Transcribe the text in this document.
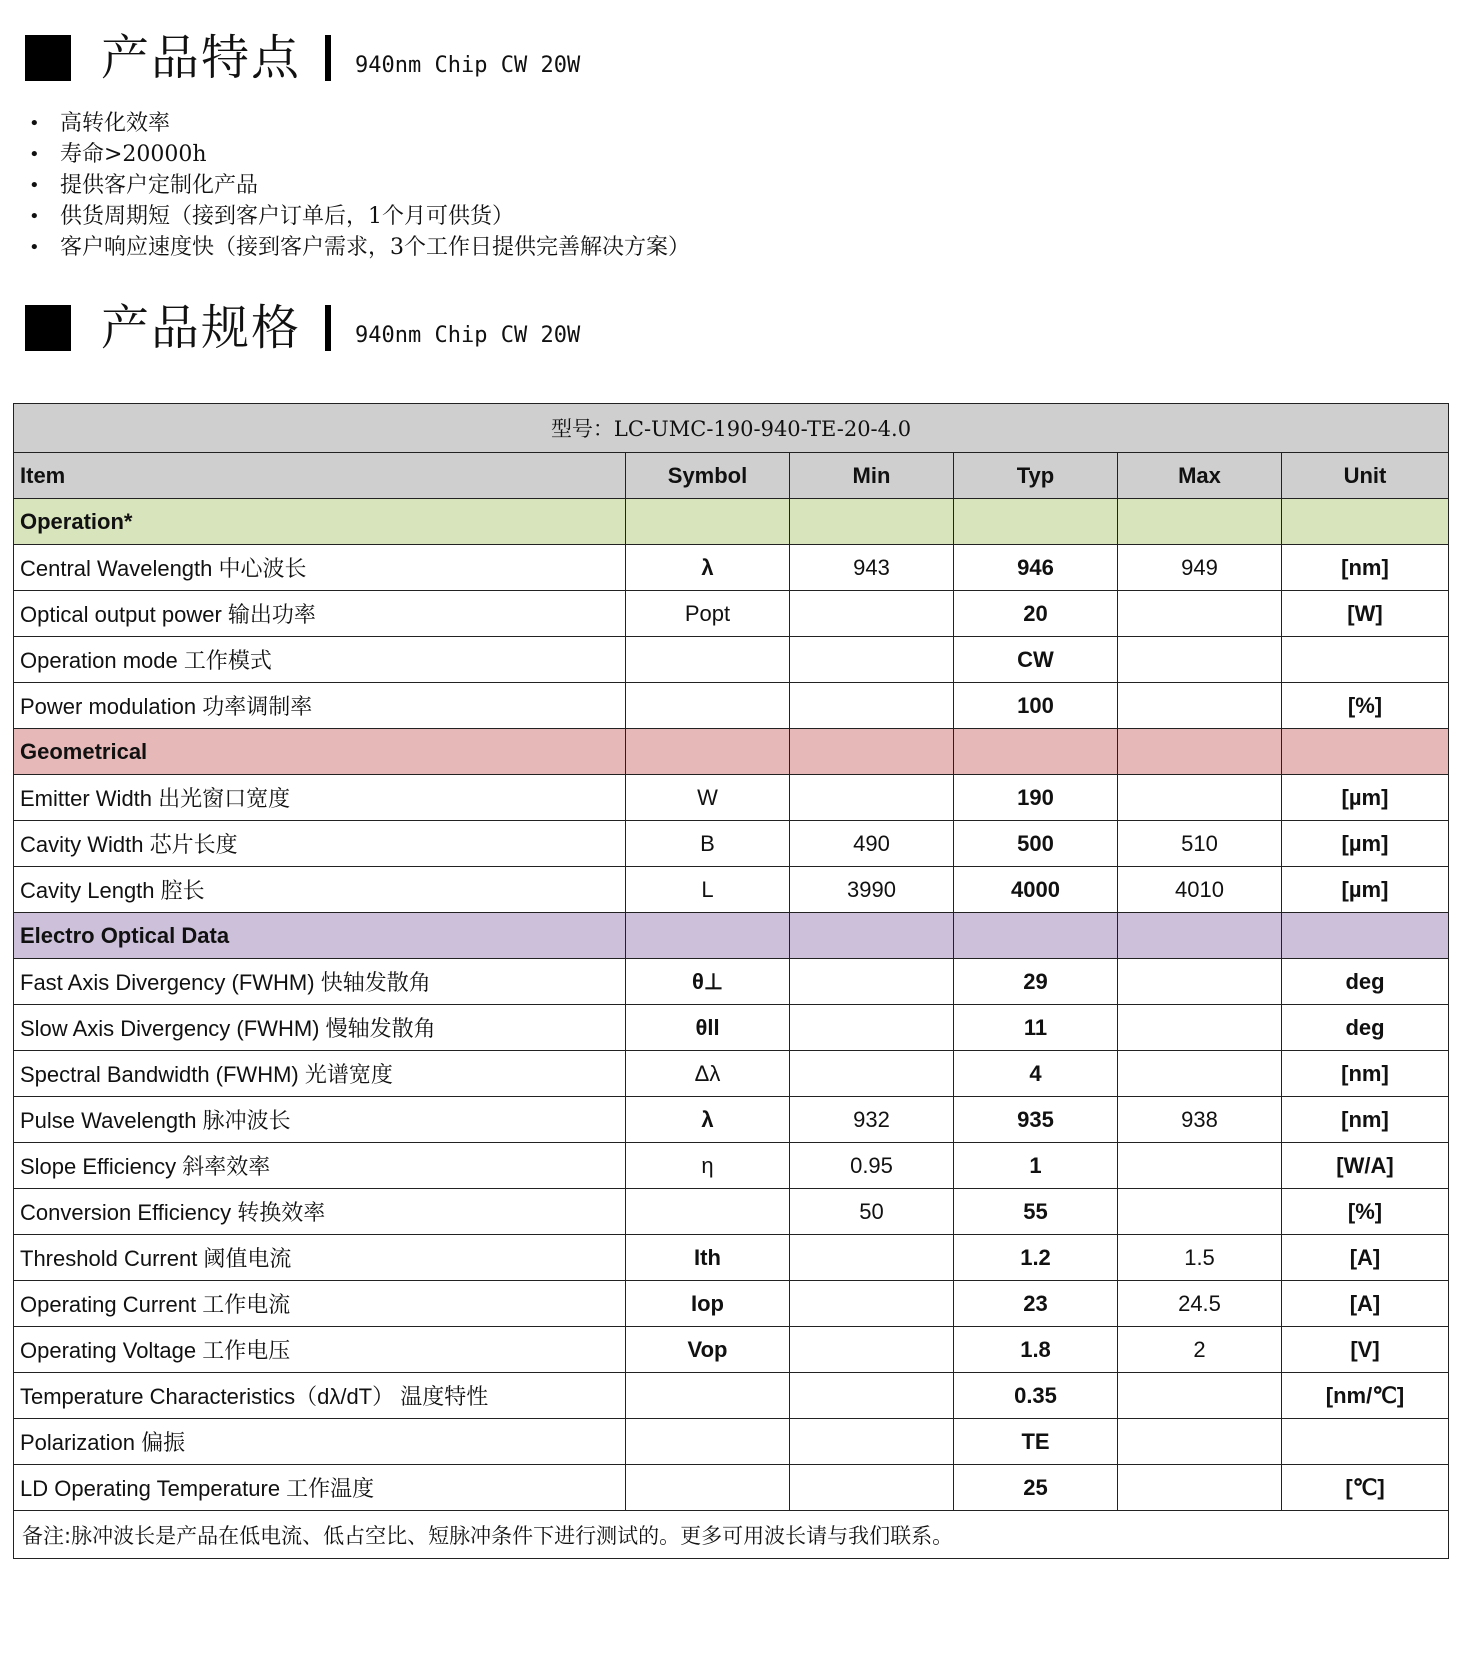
产品特点 940nm Chip CW 20W
• 高转化效率
• 寿命>20000h
• 提供客户定制化产品
• 供货周期短（接到客户订单后，1个月可供货）
• 客户响应速度快（接到客户需求，3个工作日提供完善解决方案）
产品规格 940nm Chip CW 20W
型号：LC-UMC-190-940-TE-20-4.0					
Item	Symbol	Min	Typ	Max	Unit
Operation*					
Central Wavelength 中心波长	λ	943	946	949	[nm]
Optical output power 输出功率	Popt		20		[W]
Operation mode 工作模式			CW		
Power modulation 功率调制率			100		[%]
Geometrical					
Emitter Width 出光窗口宽度	W		190		[µm]
Cavity Width 芯片长度	B	490	500	510	[µm]
Cavity Length 腔长	L	3990	4000	4010	[µm]
Electro Optical Data					
Fast Axis Divergency (FWHM) 快轴发散角	θ⊥		29		deg
Slow Axis Divergency (FWHM) 慢轴发散角	θll		11		deg
Spectral Bandwidth (FWHM) 光谱宽度	Δλ		4		[nm]
Pulse Wavelength 脉冲波长	λ	932	935	938	[nm]
Slope Efficiency 斜率效率	η	0.95	1		[W/A]
Conversion Efficiency 转换效率		50	55		[%]
Threshold Current 阈值电流	Ith		1.2	1.5	[A]
Operating Current 工作电流	Iop		23	24.5	[A]
Operating Voltage 工作电压	Vop		1.8	2	[V]
Temperature Characteristics（dλ/dT） 温度特性			0.35		[nm/℃]
Polarization 偏振			TE		
LD Operating Temperature 工作温度			25		[℃]
备注:脉冲波长是产品在低电流、低占空比、短脉冲条件下进行测试的。更多可用波长请与我们联系。					
